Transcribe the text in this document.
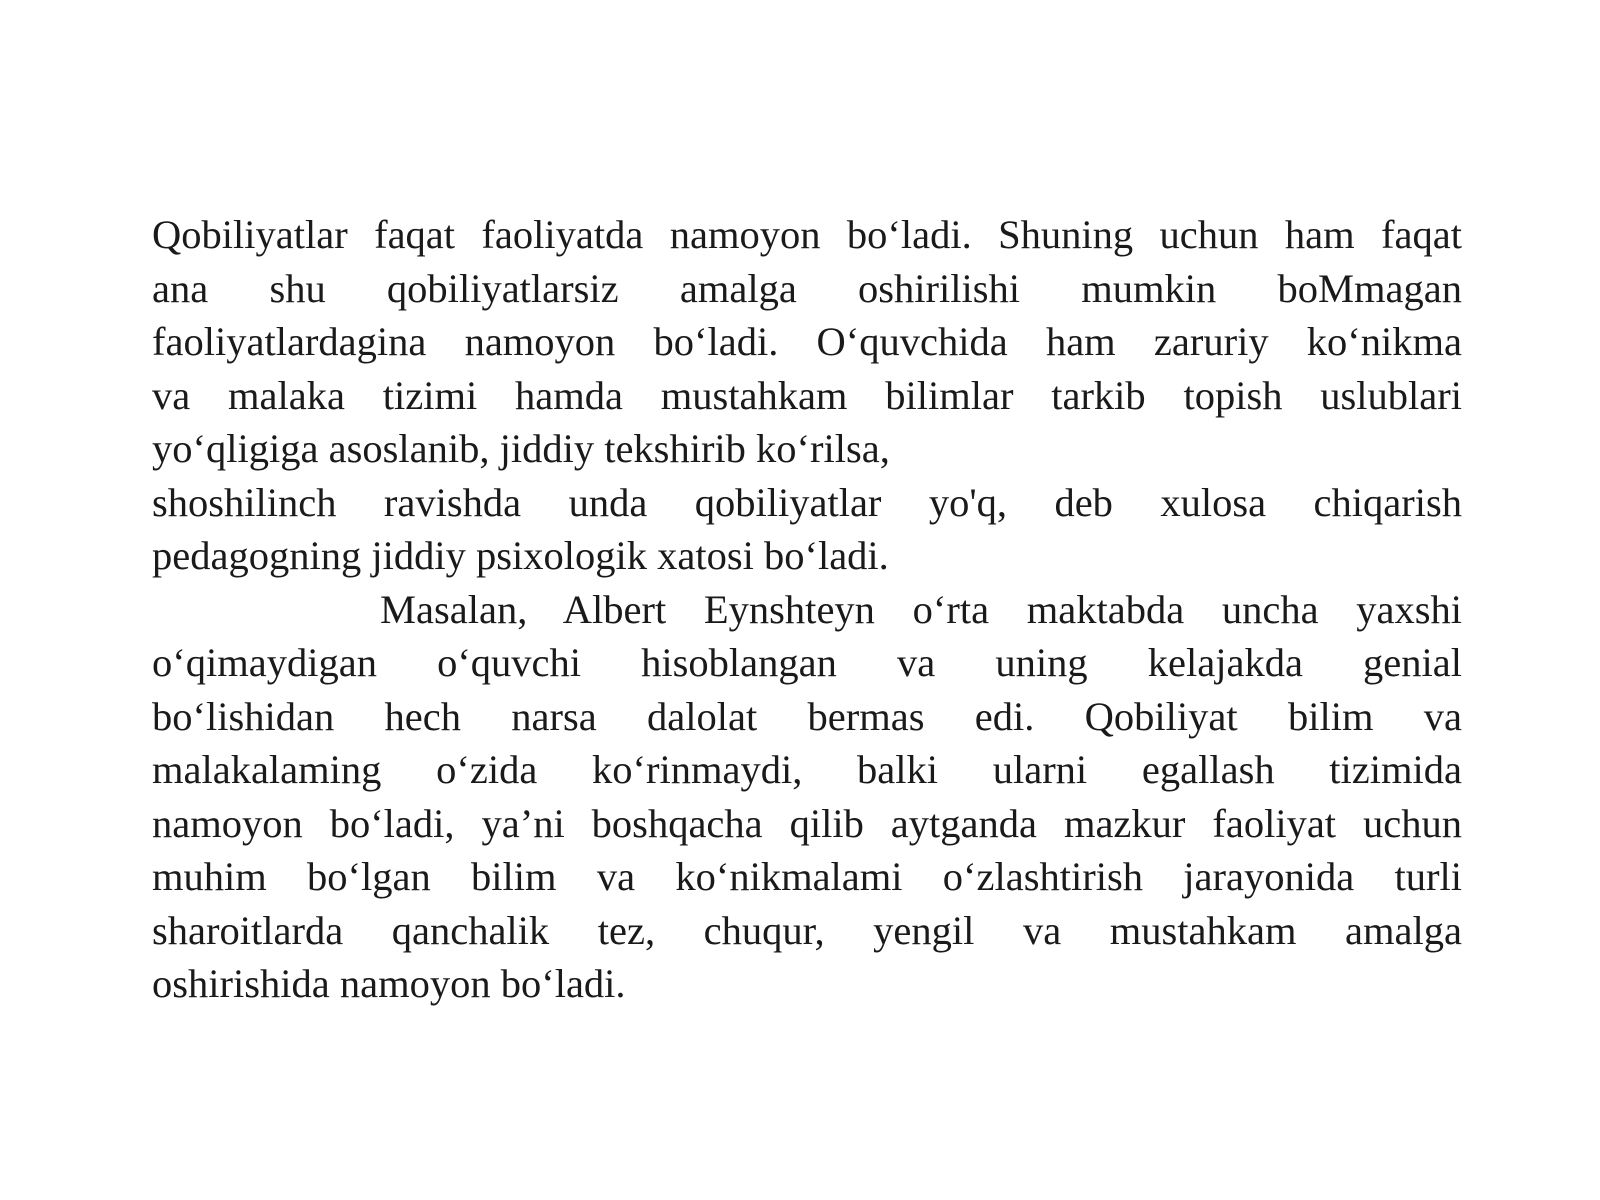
Qobiliyatlar faqat faoliyatda namoyon bo‘ladi. Shuning uchun ham faqat
ana shu qobiliyatlarsiz amalga oshirilishi mumkin boMmagan
faoliyatlardagina namoyon bo‘ladi. O‘quvchida ham zaruriy ko‘nikma
va malaka tizimi hamda mustahkam bilimlar tarkib topish uslublari
yo‘qligiga asoslanib, jiddiy tekshirib ko‘rilsa,
shoshilinch ravishda unda qobiliyatlar yo'q, deb xulosa chiqarish
pedagogning jiddiy psixologik xatosi bo‘ladi.
Masalan, Albert Eynshteyn o‘rta maktabda uncha yaxshi
o‘qimaydigan o‘quvchi hisoblangan va uning kelajakda genial
bo‘lishidan hech narsa dalolat bermas edi. Qobiliyat bilim va
malakalaming o‘zida ko‘rinmaydi, balki ularni egallash tizimida
namoyon bo‘ladi, ya’ni boshqacha qilib aytganda mazkur faoliyat uchun
muhim bo‘lgan bilim va ko‘nikmalami o‘zlashtirish jarayonida turli
sharoitlarda qanchalik tez, chuqur, yengil va mustahkam amalga
oshirishida namoyon bo‘ladi.
